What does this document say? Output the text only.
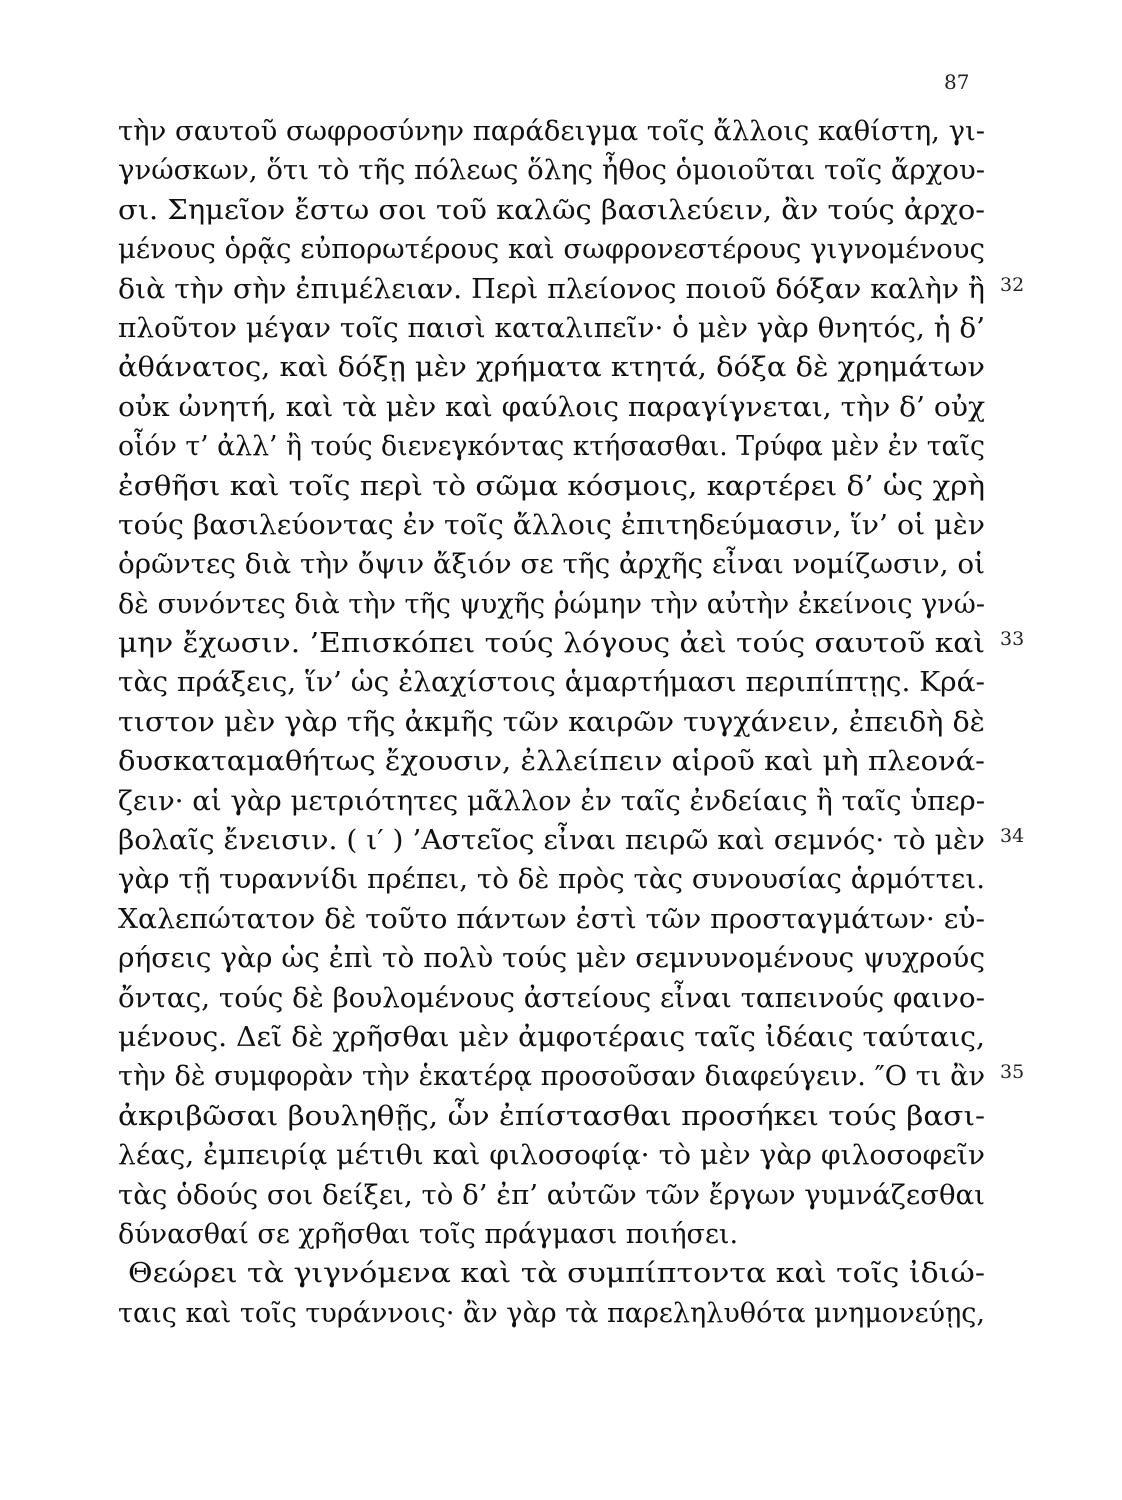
87
τὴν σαυτοῦ σωφροσύνην παράδειγμα τοῖς ἄλλοις καθίστη, γι-
γνώσκων, ὅτι τὸ τῆς πόλεως ὅλης ἦθος ὁμοιοῦται τοῖς ἄρχου-
σι. Σημεῖον ἔστω σοι τοῦ καλῶς βασιλεύειν, ἂν τούς ἀρχο-
μένους ὁρᾷς εὐπορωτέρους καὶ σωφρονεστέρους γιγνομένους
διὰ τὴν σὴν ἐπιμέλειαν. Περὶ πλείονος ποιοῦ δόξαν καλὴν ἢ 32
πλοῦτον μέγαν τοῖς παισὶ καταλιπεῖν· ὁ μὲν γὰρ θνητός, ἡ δ’
ἀθάνατος, καὶ δόξῃ μὲν χρήματα κτητά, δόξα δὲ χρημάτων
οὐκ ὠνητή, καὶ τὰ μὲν καὶ φαύλοις παραγίγνεται, τὴν δ’ οὐχ
οἷόν τ’ ἀλλ’ ἢ τούς διενεγκόντας κτήσασθαι. Τρύφα μὲν ἐν ταῖς
ἐσθῆσι καὶ τοῖς περὶ τὸ σῶμα κόσμοις, καρτέρει δ’ ὡς χρὴ
τούς βασιλεύοντας ἐν τοῖς ἄλλοις ἐπιτηδεύμασιν, ἵν’ οἱ μὲν
ὁρῶντες διὰ τὴν ὄψιν ἄξιόν σε τῆς ἀρχῆς εἶναι νομίζωσιν, οἱ
δὲ συνόντες διὰ τὴν τῆς ψυχῆς ῥώμην τὴν αὐτὴν ἐκείνοις γνώ-
μην ἔχωσιν. ’Επισκόπει τούς λόγους ἀεὶ τούς σαυτοῦ καὶ 33
τὰς πράξεις, ἵν’ ὡς ἐλαχίστοις ἁμαρτήμασι περιπίπτῃς. Κρά-
τιστον μὲν γὰρ τῆς ἀκμῆς τῶν καιρῶν τυγχάνειν, ἐπειδὴ δὲ
δυσκαταμαθήτως ἔχουσιν, ἐλλείπειν αἱροῦ καὶ μὴ πλεονά-
ζειν· αἱ γὰρ μετριότητες μᾶλλον ἐν ταῖς ἐνδείαις ἢ ταῖς ὑπερ-
βολαῖς ἔνεισιν. ( ι′ ) ’Αστεῖος εἶναι πειρῶ καὶ σεμνός· τὸ μὲν 34
γὰρ τῇ τυραννίδι πρέπει, τὸ δὲ πρὸς τὰς συνουσίας ἁρμόττει.
Χαλεπώτατον δὲ τοῦτο πάντων ἐστὶ τῶν προσταγμάτων· εὑ-
ρήσεις γὰρ ὡς ἐπὶ τὸ πολὺ τούς μὲν σεμνυνομένους ψυχρούς
ὄντας, τούς δὲ βουλομένους ἀστείους εἶναι ταπεινούς φαινο-
μένους. Δεῖ δὲ χρῆσθαι μὲν ἀμφοτέραις ταῖς ἰδέαις ταύταις,
τὴν δὲ συμφορὰν τὴν ἑκατέρᾳ προσοῦσαν διαφεύγειν. ″Ο τι ἂν 35
ἀκριβῶσαι βουληθῇς, ὧν ἐπίστασθαι προσήκει τούς βασι-
λέας, ἐμπειρίᾳ μέτιθι καὶ φιλοσοφίᾳ· τὸ μὲν γὰρ φιλοσοφεῖν
τὰς ὁδούς σοι δείξει, τὸ δ’ ἐπ’ αὐτῶν τῶν ἔργων γυμνάζεσθαι
δύνασθαί σε χρῆσθαι τοῖς πράγμασι ποιήσει.
Θεώρει τὰ γιγνόμενα καὶ τὰ συμπίπτοντα καὶ τοῖς ἰδιώ-
ταις καὶ τοῖς τυράννοις· ἂν γὰρ τὰ παρεληλυθότα μνημονεύῃς,
